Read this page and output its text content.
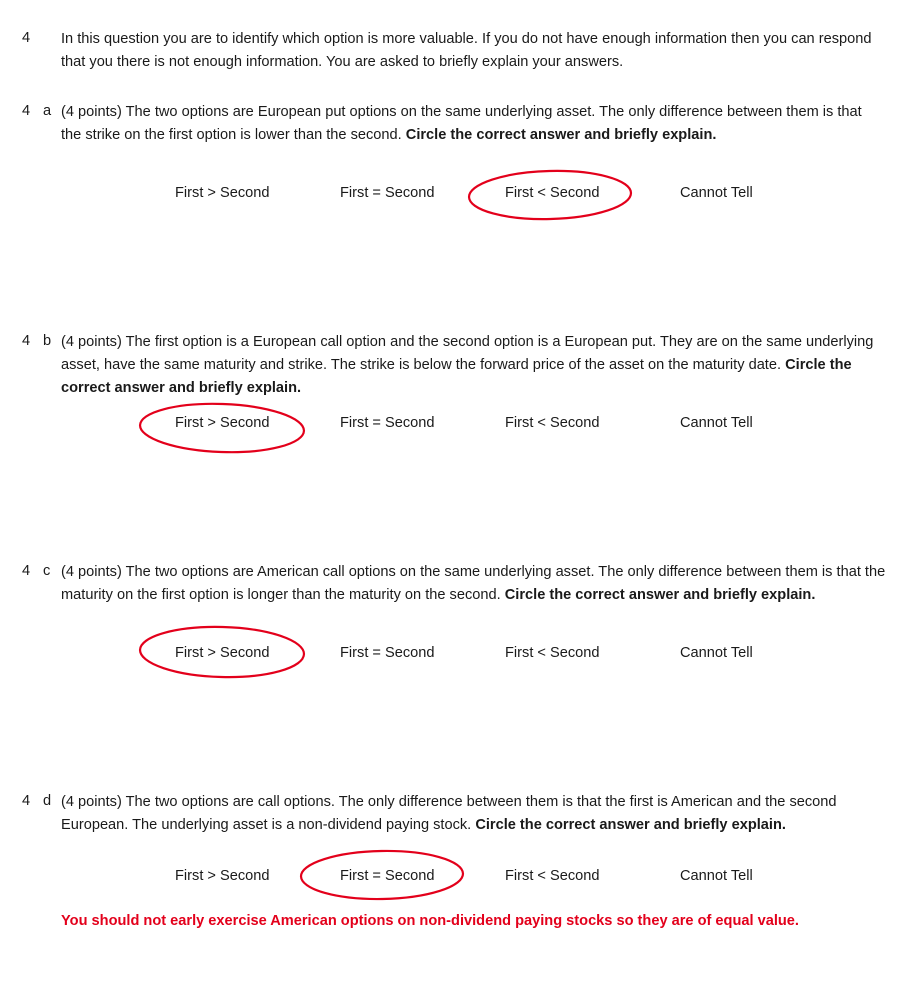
4 In this question you are to identify which option is more valuable. If you do not have enough information then you can respond that you there is not enough information. You are asked to briefly explain your answers.
4 a (4 points) The two options are European put options on the same underlying asset. The only difference between them is that the strike on the first option is lower than the second. Circle the correct answer and briefly explain.
First > Second	First = Second	First < Second	Cannot Tell
4 b (4 points) The first option is a European call option and the second option is a European put. They are on the same underlying asset, have the same maturity and strike. The strike is below the forward price of the asset on the maturity date. Circle the correct answer and briefly explain.
First > Second	First = Second	First < Second	Cannot Tell
4 c (4 points) The two options are American call options on the same underlying asset. The only difference between them is that the maturity on the first option is longer than the maturity on the second. Circle the correct answer and briefly explain.
First > Second	First = Second	First < Second	Cannot Tell
4 d (4 points) The two options are call options. The only difference between them is that the first is American and the second European. The underlying asset is a non-dividend paying stock. Circle the correct answer and briefly explain.
First > Second	First = Second	First < Second	Cannot Tell
You should not early exercise American options on non-dividend paying stocks so they are of equal value.
